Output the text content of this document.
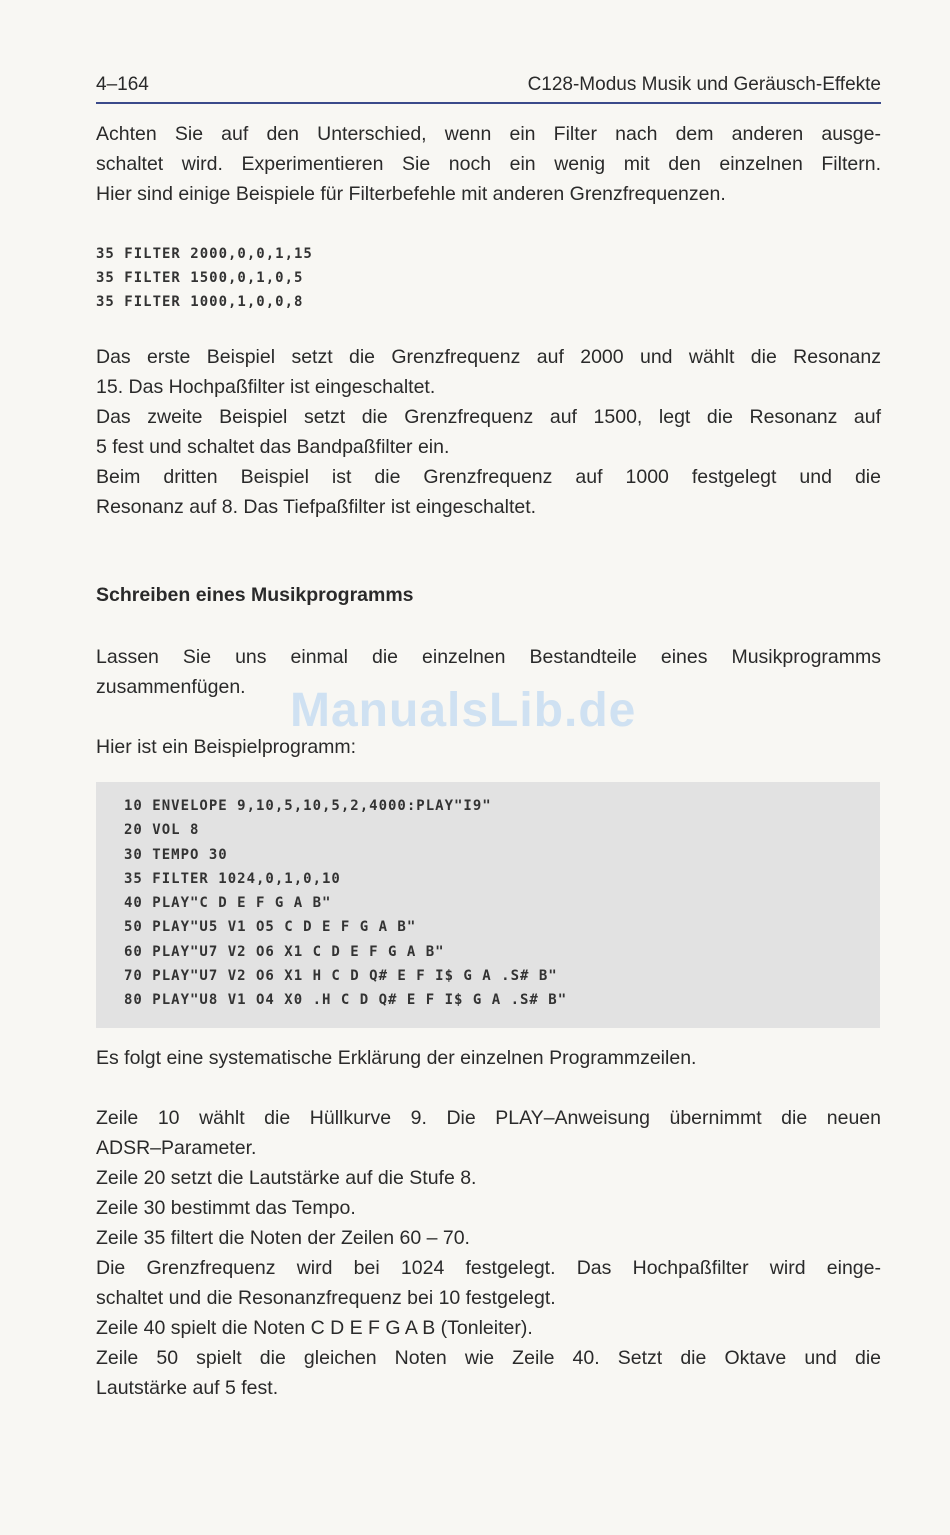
4–164	C128-Modus Musik und Geräusch-Effekte

Achten Sie auf den Unterschied, wenn ein Filter nach dem anderen ausge-
schaltet wird. Experimentieren Sie noch ein wenig mit den einzelnen Filtern.
Hier sind einige Beispiele für Filterbefehle mit anderen Grenzfrequenzen.

35 FILTER 2000,0,0,1,15
35 FILTER 1500,0,1,0,5
35 FILTER 1000,1,0,0,8

Das erste Beispiel setzt die Grenzfrequenz auf 2000 und wählt die Resonanz
15. Das Hochpaßfilter ist eingeschaltet.
Das zweite Beispiel setzt die Grenzfrequenz auf 1500, legt die Resonanz auf
5 fest und schaltet das Bandpaßfilter ein.
Beim dritten Beispiel ist die Grenzfrequenz auf 1000 festgelegt und die
Resonanz auf 8. Das Tiefpaßfilter ist eingeschaltet.

Schreiben eines Musikprogramms

Lassen Sie uns einmal die einzelnen Bestandteile eines Musikprogramms
zusammenfügen. ManualsLib.de

Hier ist ein Beispielprogramm:

10 ENVELOPE 9,10,5,10,5,2,4000:PLAY"I9"
20 VOL 8
30 TEMPO 30
35 FILTER 1024,0,1,0,10
40 PLAY"C D E F G A B"
50 PLAY"U5 V1 O5 C D E F G A B"
60 PLAY"U7 V2 O6 X1 C D E F G A B"
70 PLAY"U7 V2 O6 X1 H C D Q# E F I$ G A .S# B"
80 PLAY"U8 V1 O4 X0 .H C D Q# E F I$ G A .S# B"

Es folgt eine systematische Erklärung der einzelnen Programmzeilen.

Zeile 10 wählt die Hüllkurve 9. Die PLAY–Anweisung übernimmt die neuen
ADSR–Parameter.
Zeile 20 setzt die Lautstärke auf die Stufe 8.
Zeile 30 bestimmt das Tempo.
Zeile 35 filtert die Noten der Zeilen 60 – 70.
Die Grenzfrequenz wird bei 1024 festgelegt. Das Hochpaßfilter wird einge-
schaltet und die Resonanzfrequenz bei 10 festgelegt.
Zeile 40 spielt die Noten C D E F G A B (Tonleiter).
Zeile 50 spielt die gleichen Noten wie Zeile 40. Setzt die Oktave und die
Lautstärke auf 5 fest.
